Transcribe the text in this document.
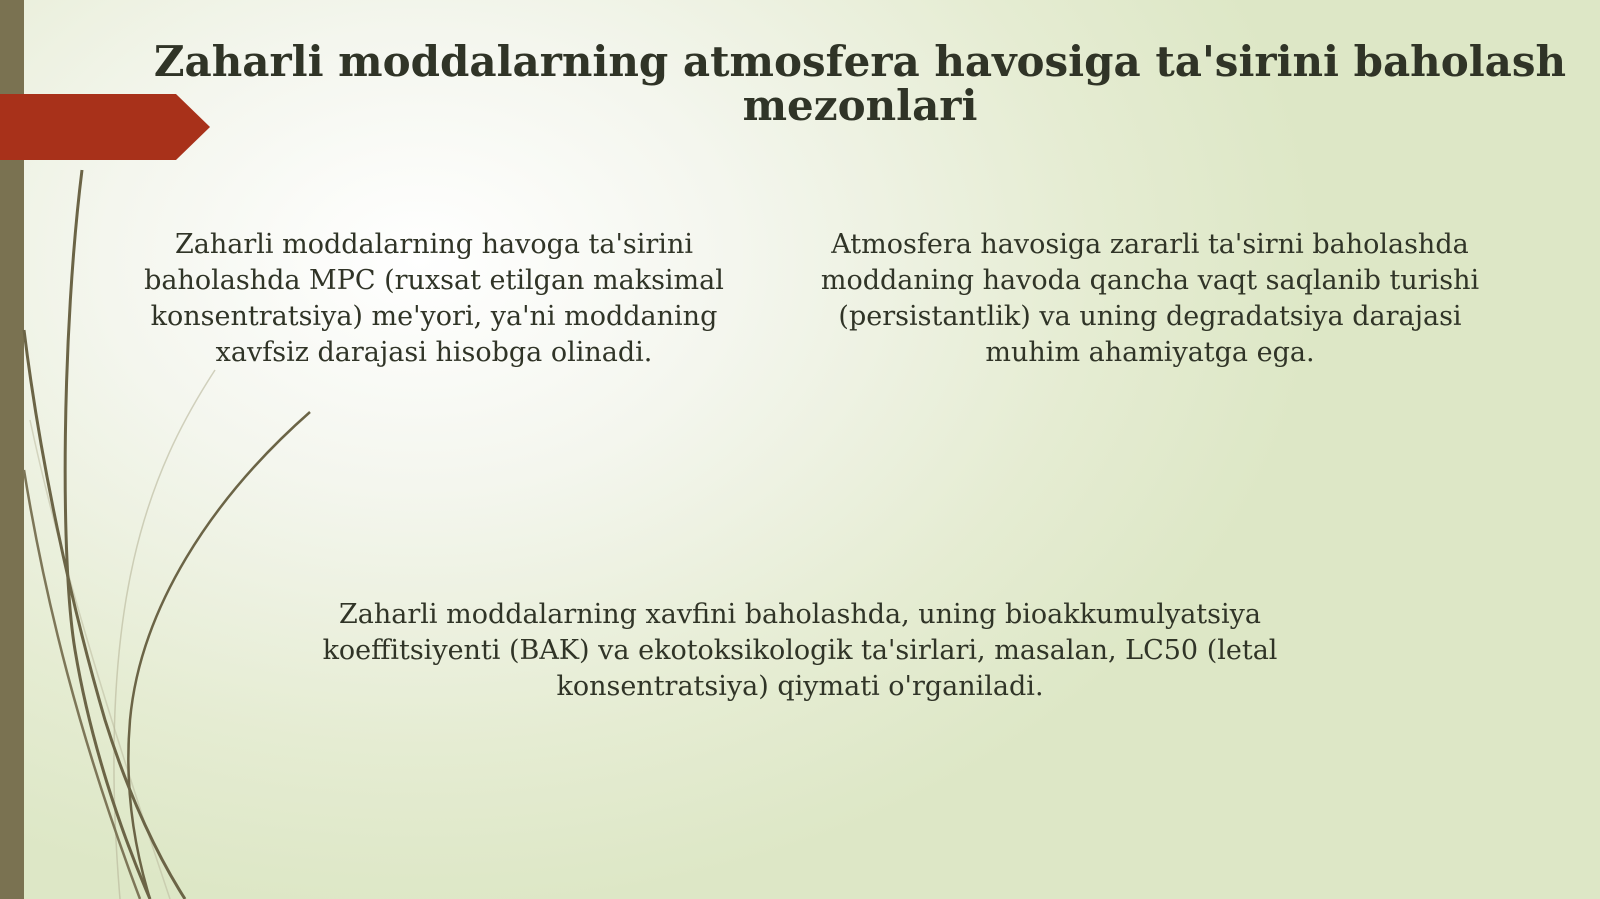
Zaharli moddalarning atmosfera havosiga ta'sirini baholash mezonlari

Zaharli moddalarning havoga ta'sirini baholashda MPC (ruxsat etilgan maksimal konsentratsiya) me'yori, ya'ni moddaning xavfsiz darajasi hisobga olinadi.

Atmosfera havosiga zararli ta'sirni baholashda moddaning havoda qancha vaqt saqlanib turishi (persistantlik) va uning degradatsiya darajasi muhim ahamiyatga ega.

Zaharli moddalarning xavfini baholashda, uning bioakkumulyatsiya koeffitsiyenti (BAK) va ekotoksikologik ta'sirlari, masalan, LC50 (letal konsentratsiya) qiymati o'rganiladi.
